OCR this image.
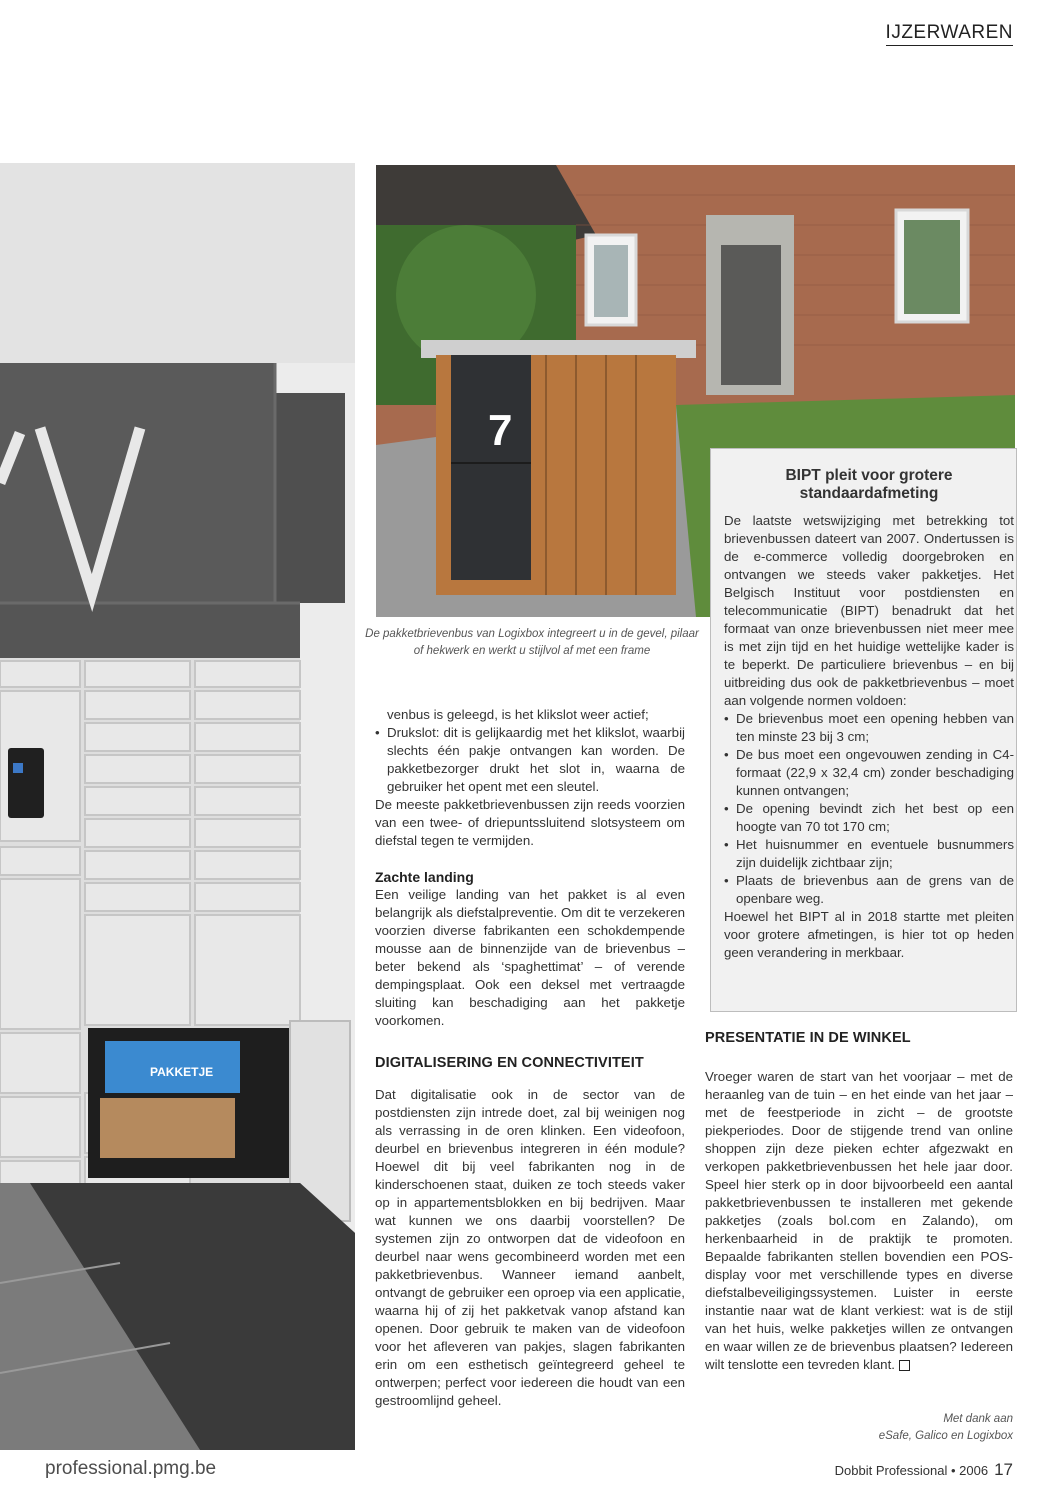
IJZERWAREN
PAKKETJE
7
De pakketbrievenbus van Logixbox integreert u in de gevel, pilaar of hekwerk en werkt u stijlvol af met een frame

venbus is geleegd, is het klikslot weer actief;

• Drukslot: dit is gelijkaardig met het klikslot, waarbij slechts één pakje ontvangen kan worden. De pakketbezorger drukt het slot in, waarna de gebruiker het opent met een sleutel.

De meeste pakketbrievenbussen zijn reeds voorzien van een twee- of driepuntssluitend slotsysteem om diefstal tegen te vermijden.

Zachte landing

Een veilige landing van het pakket is al even belangrijk als diefstalpreventie. Om dit te verzekeren voorzien diverse fabrikanten een schokdempende mousse aan de binnenzijde van de brievenbus – beter bekend als ‘spaghettimat’ – of verende dempingsplaat. Ook een deksel met vertraagde sluiting kan beschadiging aan het pakketje voorkomen.

DIGITALISERING EN CONNECTIVITEIT

Dat digitalisatie ook in de sector van de postdiensten zijn intrede doet, zal bij weinigen nog als verrassing in de oren klinken. Een videofoon, deurbel en brievenbus integreren in één module? Hoewel dit bij veel fabrikanten nog in de kinderschoenen staat, duiken ze toch steeds vaker op in appartementsblokken en bij bedrijven. Maar wat kunnen we ons daarbij voorstellen? De systemen zijn zo ontworpen dat de videofoon en deurbel naar wens gecombineerd worden met een pakketbrievenbus. Wanneer iemand aanbelt, ontvangt de gebruiker een oproep via een applicatie, waarna hij of zij het pakketvak vanop afstand kan openen. Door gebruik te maken van de videofoon voor het afleveren van pakjes, slagen fabrikanten erin om een esthetisch geïntegreerd geheel te ontwerpen; perfect voor iedereen die houdt van een gestroomlijnd geheel.

BIPT pleit voor grotere standaardafmeting

De laatste wetswijziging met betrekking tot brievenbussen dateert van 2007. Ondertussen is de e-commerce volledig doorgebroken en ontvangen we steeds vaker pakketjes. Het Belgisch Instituut voor postdiensten en telecommunicatie (BIPT) benadrukt dat het formaat van onze brievenbussen niet meer mee is met zijn tijd en het huidige wettelijke kader is te beperkt. De particuliere brievenbus – en bij uitbreiding dus ook de pakketbrievenbus – moet aan volgende normen voldoen:

• De brievenbus moet een opening hebben van ten minste 23 bij 3 cm;
• De bus moet een ongevouwen zending in C4-formaat (22,9 x 32,4 cm) zonder beschadiging kunnen ontvangen;
• De opening bevindt zich het best op een hoogte van 70 tot 170 cm;
• Het huisnummer en eventuele busnummers zijn duidelijk zichtbaar zijn;
• Plaats de brievenbus aan de grens van de openbare weg.

Hoewel het BIPT al in 2018 startte met pleiten voor grotere afmetingen, is hier tot op heden geen verandering in merkbaar.

PRESENTATIE IN DE WINKEL

Vroeger waren de start van het voorjaar – met de heraanleg van de tuin – en het einde van het jaar – met de feestperiode in zicht – de grootste piekperiodes. Door de stijgende trend van online shoppen zijn deze pieken echter afgezwakt en verkopen pakketbrievenbussen het hele jaar door. Speel hier sterk op in door bijvoorbeeld een aantal pakketbrievenbussen te installeren met gekende pakketjes (zoals bol.com en Zalando), om herkenbaarheid in de praktijk te promoten. Bepaalde fabrikanten stellen bovendien een POS-display voor met verschillende types en diverse diefstalbeveiligingssystemen. Luister in eerste instantie naar wat de klant verkiest: wat is de stijl van het huis, welke pakketjes willen ze ontvangen en waar willen ze de brievenbus plaatsen? Iedereen wilt tenslotte een tevreden klant.

Met dank aan
eSafe, Galico en Logixbox
professional.pmg.be	Dobbit Professional • 2006 17
